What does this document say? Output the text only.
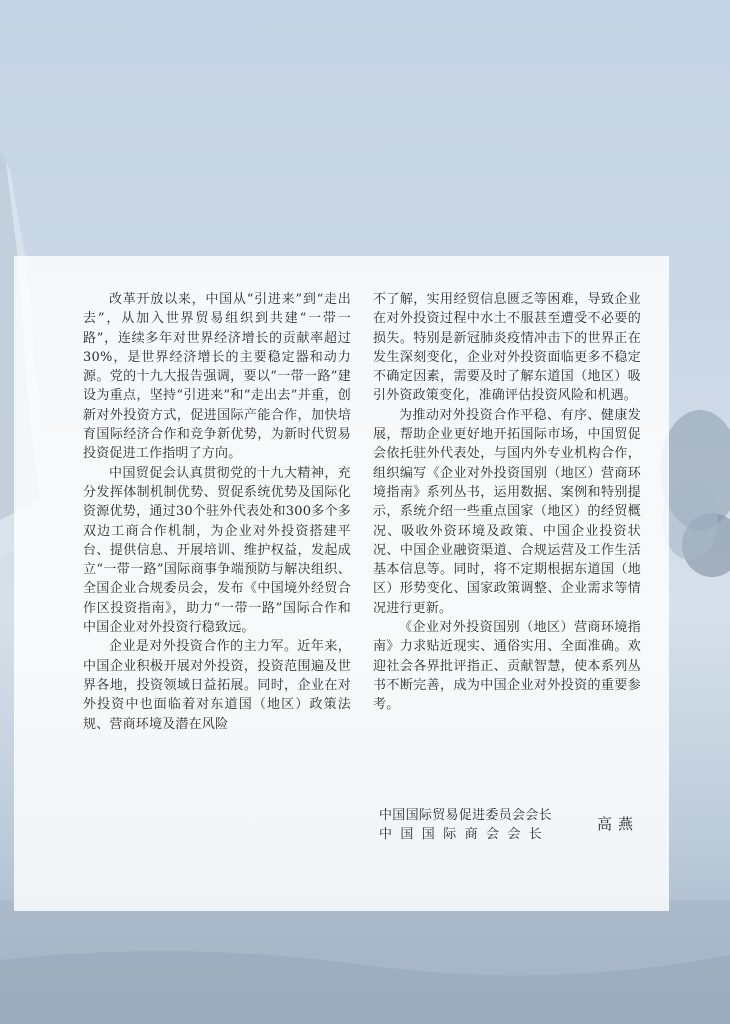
改革开放以来，中国从“引进来”到“走出去”，从加入世界贸易组织到共建“一带一路”，连续多年对世界经济增长的贡献率超过30%，是世界经济增长的主要稳定器和动力源。党的十九大报告强调，要以“一带一路”建设为重点，坚持“引进来”和“走出去”并重，创新对外投资方式，促进国际产能合作，加快培育国际经济合作和竞争新优势，为新时代贸易投资促进工作指明了方向。

中国贸促会认真贯彻党的十九大精神，充分发挥体制机制优势、贸促系统优势及国际化资源优势，通过30个驻外代表处和300多个多双边工商合作机制，为企业对外投资搭建平台、提供信息、开展培训、维护权益，发起成立“一带一路”国际商事争端预防与解决组织、全国企业合规委员会，发布《中国境外经贸合作区投资指南》，助力“一带一路”国际合作和中国企业对外投资行稳致远。

企业是对外投资合作的主力军。近年来，中国企业积极开展对外投资，投资范围遍及世界各地，投资领域日益拓展。同时，企业在对外投资中也面临着对东道国（地区）政策法规、营商环境及潜在风险

不了解，实用经贸信息匮乏等困难，导致企业在对外投资过程中水土不服甚至遭受不必要的损失。特别是新冠肺炎疫情冲击下的世界正在发生深刻变化，企业对外投资面临更多不稳定不确定因素，需要及时了解东道国（地区）吸引外资政策变化，准确评估投资风险和机遇。

为推动对外投资合作平稳、有序、健康发展，帮助企业更好地开拓国际市场，中国贸促会依托驻外代表处，与国内外专业机构合作，组织编写《企业对外投资国别（地区）营商环境指南》系列丛书，运用数据、案例和特别提示，系统介绍一些重点国家（地区）的经贸概况、吸收外资环境及政策、中国企业投资状况、中国企业融资渠道、合规运营及工作生活基本信息等。同时，将不定期根据东道国（地区）形势变化、国家政策调整、企业需求等情况进行更新。

《企业对外投资国别（地区）营商环境指南》力求贴近现实、通俗实用、全面准确。欢迎社会各界批评指正、贡献智慧，使本系列丛书不断完善，成为中国企业对外投资的重要参考。

中国国际贸易促进委员会会长
中国国际商会会长
高燕
